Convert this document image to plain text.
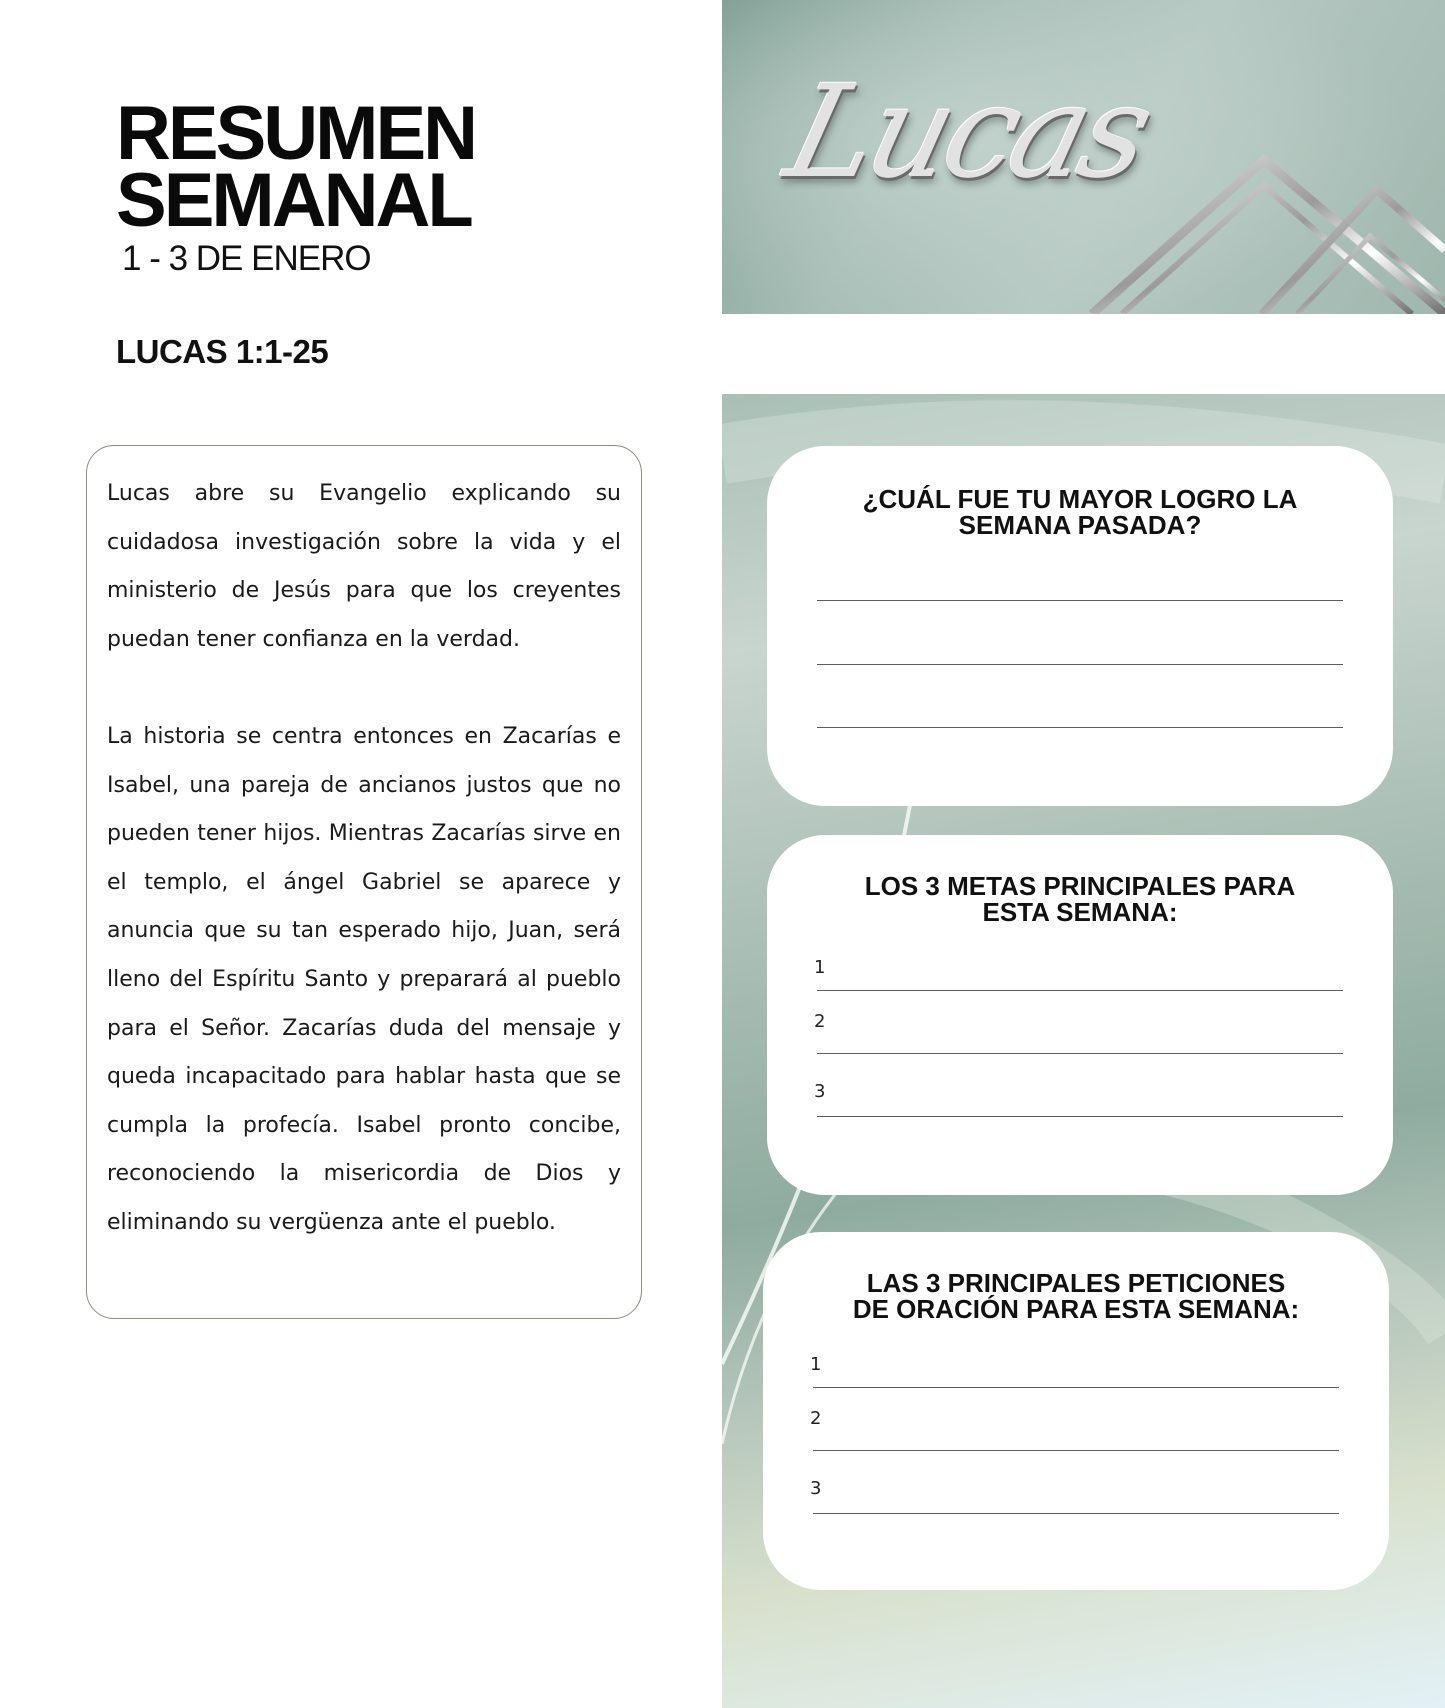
RESUMEN
SEMANAL
1 - 3 DE ENERO
LUCAS 1:1-25

Lucas abre su Evangelio explicando su cuidadosa investigación sobre la vida y el ministerio de Jesús para que los creyentes puedan tener confianza en la verdad.

La historia se centra entonces en Zacarías e Isabel, una pareja de ancianos justos que no pueden tener hijos. Mientras Zacarías sirve en el templo, el ángel Gabriel se aparece y anuncia que su tan esperado hijo, Juan, será lleno del Espíritu Santo y preparará al pueblo para el Señor. Zacarías duda del mensaje y queda incapacitado para hablar hasta que se cumpla la profecía. Isabel pronto concibe, reconociendo la misericordia de Dios y eliminando su vergüenza ante el pueblo.

Lucas
¿CUÁL FUE TU MAYOR LOGRO LA
SEMANA PASADA?
LOS 3 METAS PRINCIPALES PARA
ESTA SEMANA:
1
2
3
LAS 3 PRINCIPALES PETICIONES
DE ORACIÓN PARA ESTA SEMANA:
1
2
3
